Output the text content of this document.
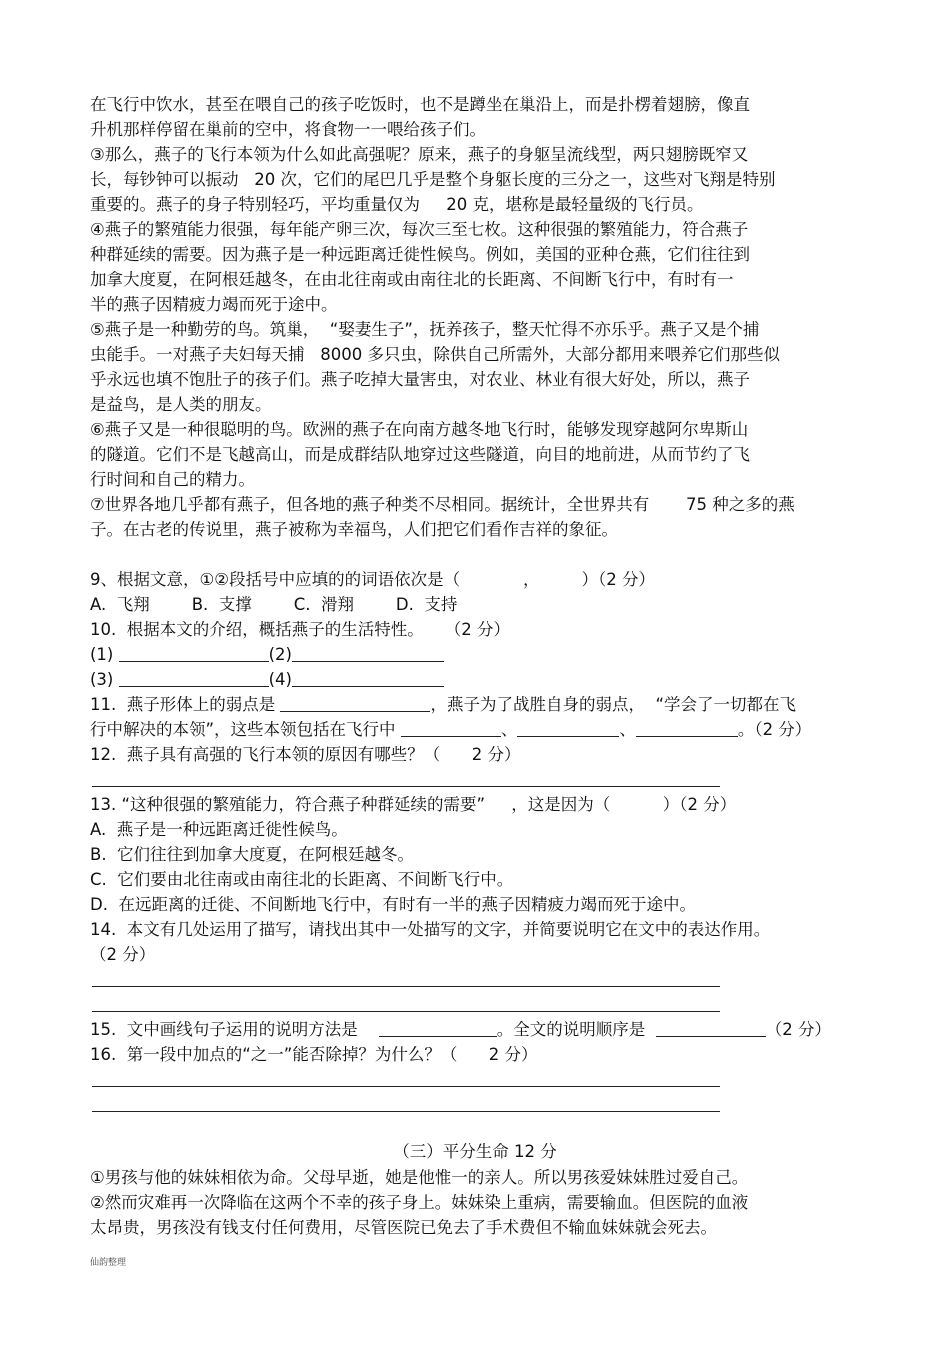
在飞行中饮水，甚至在喂自己的孩子吃饭时，也不是蹲坐在巢沿上，而是扑楞着翅膀，像直
升机那样停留在巢前的空中，将食物一一喂给孩子们。
③那么，燕子的飞行本领为什么如此高强呢？原来，燕子的身躯呈流线型，两只翅膀既窄又
长，每钞钟可以振动   20 次，它们的尾巴几乎是整个身躯长度的三分之一，这些对飞翔是特别
重要的。燕子的身子特别轻巧，平均重量仅为     20 克，堪称是最轻量级的飞行员。
④燕子的繁殖能力很强，每年能产卵三次，每次三至七枚。这种很强的繁殖能力，符合燕子
种群延续的需要。因为燕子是一种远距离迁徙性候鸟。例如，美国的亚种仓燕，它们往往到
加拿大度夏，在阿根廷越冬，在由北往南或由南往北的长距离、不间断飞行中，有时有一
半的燕子因精疲力竭而死于途中。
⑤燕子是一种勤劳的鸟。筑巢，  “娶妻生子”，抚养孩子，整天忙得不亦乐乎。燕子又是个捕
虫能手。一对燕子夫妇每天捕   8000 多只虫，除供自己所需外，大部分都用来喂养它们那些似
乎永远也填不饱肚子的孩子们。燕子吃掉大量害虫，对农业、林业有很大好处，所以，燕子
是益鸟，是人类的朋友。
⑥燕子又是一种很聪明的鸟。欧洲的燕子在向南方越冬地飞行时，能够发现穿越阿尔卑斯山
的隧道。它们不是飞越高山，而是成群结队地穿过这些隧道，向目的地前进，从而节约了飞
行时间和自己的精力。
⑦世界各地几乎都有燕子，但各地的燕子种类不尽相同。据统计，全世界共有       75 种之多的燕
子。在古老的传说里，燕子被称为幸福鸟，人们把它们看作吉祥的象征。
9、根据文意，①②段括号中应填的的词语依次是（            ，        ）（2 分）
A.  飞翔        B.  支撑        C.  滑翔        D.  支持
10.  根据本文的介绍，概括燕子的生活特性。    （2 分）
(1)	(2)
(3)	(4)
11.  燕子形体上的弱点是	，燕子为了战胜自身的弱点，  “学会了一切都在飞
行中解决的本领”，这些本领包括在飞行中	、	、	。（2 分）
12.  燕子具有高强的飞行本领的原因有哪些？（      2 分）
13. “这种很强的繁殖能力，符合燕子种群延续的需要”     ，这是因为（          ）（2 分）
A.  燕子是一种远距离迁徙性候鸟。
B.  它们往往到加拿大度夏，在阿根廷越冬。
C.  它们要由北往南或由南往北的长距离、不间断飞行中。
D.  在远距离的迁徙、不间断地飞行中，有时有一半的燕子因精疲力竭而死于途中。
14.  本文有几处运用了描写，请找出其中一处描写的文字，并简要说明它在文中的表达作用。
（2 分）
15.  文中画线句子运用的说明方法是	。全文的说明顺序是	（2 分）
16.  第一段中加点的“之一”能否除掉？为什么？（      2 分）
（三）平分生命 12 分
①男孩与他的妹妹相依为命。父母早逝，她是他惟一的亲人。所以男孩爱妹妹胜过爱自己。
②然而灾难再一次降临在这两个不幸的孩子身上。妹妹染上重病，需要输血。但医院的血液
太昂贵，男孩没有钱支付任何费用，尽管医院已免去了手术费但不输血妹妹就会死去。
仙韵整理
